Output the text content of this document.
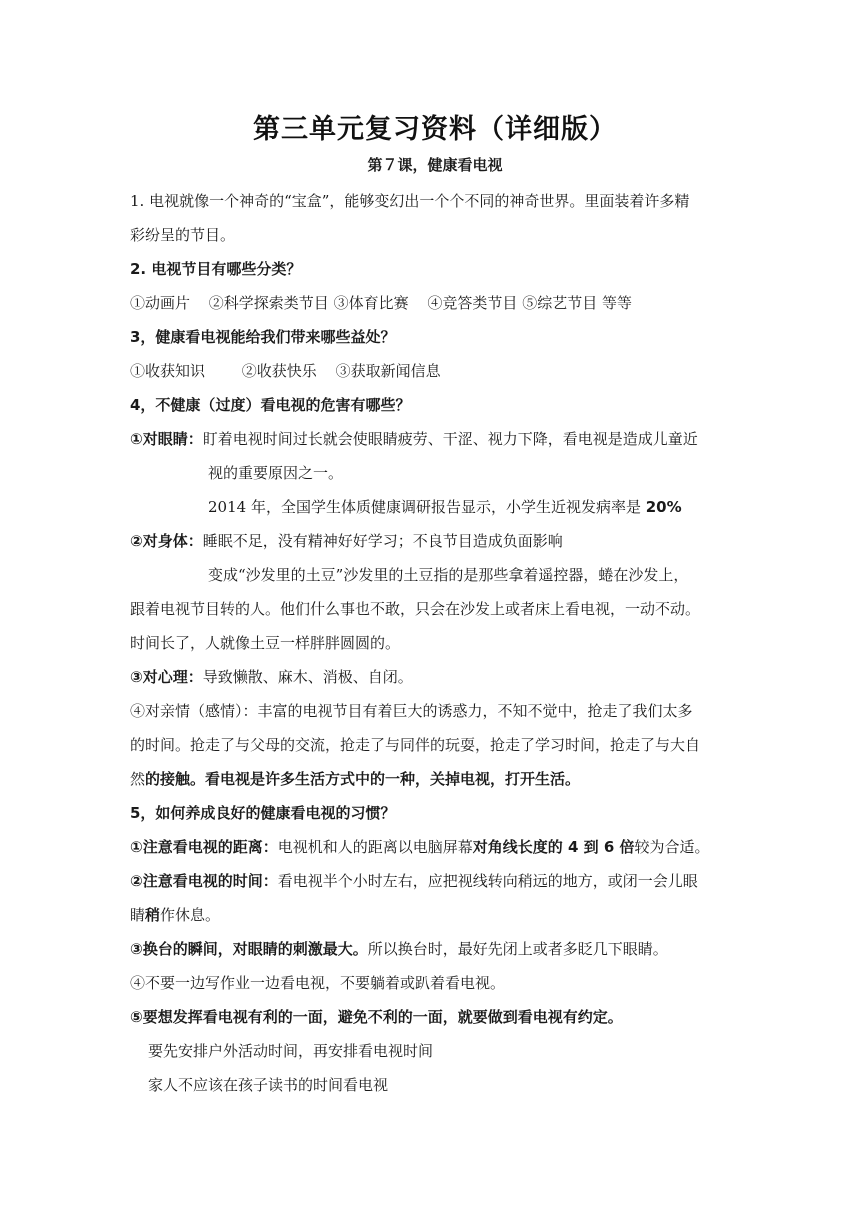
第三单元复习资料（详细版）
第７课，健康看电视

1. 电视就像一个神奇的“宝盒”，能够变幻出一个个不同的神奇世界。里面装着许多精

彩纷呈的节目。

2. 电视节目有哪些分类？

①动画片 ②科学探索类节目 ③体育比赛 ④竞答类节目 ⑤综艺节目 等等

3，健康看电视能给我们带来哪些益处？

①收获知识 ②收获快乐 ③获取新闻信息

4，不健康（过度）看电视的危害有哪些？

①对眼睛：盯着电视时间过长就会使眼睛疲劳、干涩、视力下降，看电视是造成儿童近

视的重要原因之一。

2014 年，全国学生体质健康调研报告显示，小学生近视发病率是 20%

②对身体：睡眠不足，没有精神好好学习；不良节目造成负面影响

变成“沙发里的土豆”沙发里的土豆指的是那些拿着遥控器，蜷在沙发上，

跟着电视节目转的人。他们什么事也不敢，只会在沙发上或者床上看电视，一动不动。

时间长了，人就像土豆一样胖胖圆圆的。

③对心理：导致懒散、麻木、消极、自闭。

④对亲情（感情）：丰富的电视节目有着巨大的诱惑力，不知不觉中，抢走了我们太多

的时间。抢走了与父母的交流，抢走了与同伴的玩耍，抢走了学习时间，抢走了与大自

然的接触。看电视是许多生活方式中的一种，关掉电视，打开生活。

5，如何养成良好的健康看电视的习惯？

①注意看电视的距离：电视机和人的距离以电脑屏幕对角线长度的 4 到 6 倍较为合适。

②注意看电视的时间：看电视半个小时左右，应把视线转向稍远的地方，或闭一会儿眼

睛稍作休息。

③换台的瞬间，对眼睛的刺激最大。所以换台时，最好先闭上或者多眨几下眼睛。

④不要一边写作业一边看电视，不要躺着或趴着看电视。

⑤要想发挥看电视有利的一面，避免不利的一面，就要做到看电视有约定。

要先安排户外活动时间，再安排看电视时间

家人不应该在孩子读书的时间看电视
